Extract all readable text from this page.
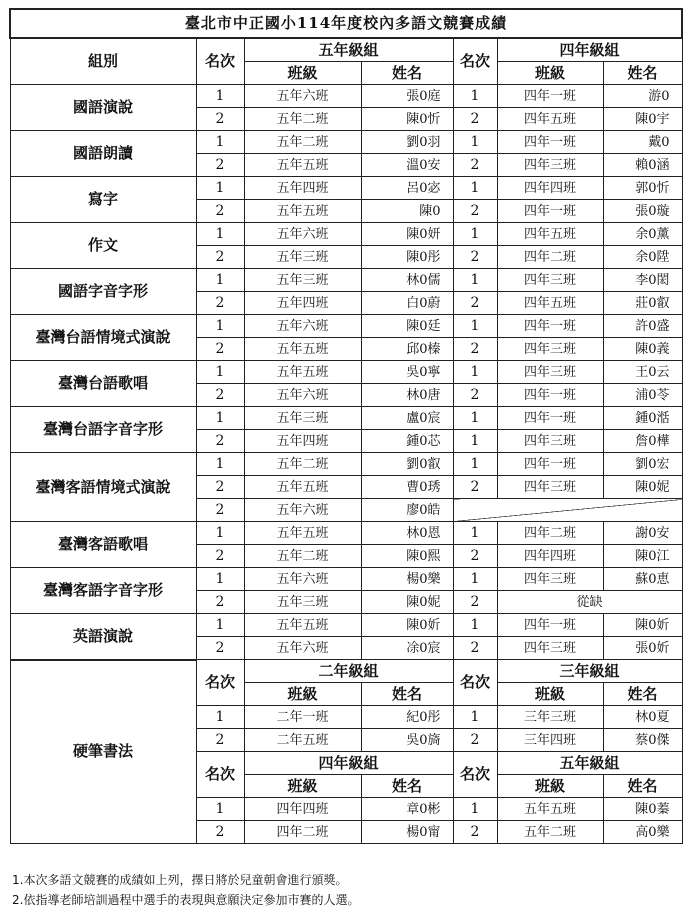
臺北市中正國小114年度校內多語文競賽成績						
組別	名次	五年級組		名次	四年級組	
		班級	姓名		班級	姓名
國語演說	1	五年六班	張0庭	1	四年一班	游0
	2	五年二班	陳0忻	2	四年五班	陳0宇
國語朗讀	1	五年二班	劉0羽	1	四年一班	戴0
	2	五年五班	溫0安	2	四年三班	賴0涵
寫字	1	五年四班	呂0宓	1	四年四班	郭0忻
	2	五年五班	陳0	2	四年一班	張0璇
作文	1	五年六班	陳0妍	1	四年五班	余0薰
	2	五年三班	陳0彤	2	四年二班	余0陞
國語字音字形	1	五年三班	林0儒	1	四年三班	李0閎
	2	五年四班	白0蔚	2	四年五班	莊0叡
臺灣台語情境式演說	1	五年六班	陳0廷	1	四年一班	許0盛
	2	五年五班	邱0榛	2	四年三班	陳0義
臺灣台語歌唱	1	五年五班	吳0寧	1	四年三班	王0云
	2	五年六班	林0唐	2	四年一班	浦0苓
臺灣台語字音字形	1	五年三班	盧0宸	1	四年一班	鍾0湉
	2	五年四班	鍾0芯	1	四年三班	詹0樺
臺灣客語情境式演說	1	五年二班	劉0叡	1	四年一班	劉0宏
	2	五年五班	曹0琇	2	四年三班	陳0妮
	2	五年六班	廖0皓			
臺灣客語歌唱	1	五年五班	林0恩	1	四年二班	謝0安
	2	五年二班	陳0熙	2	四年四班	陳0江
臺灣客語字音字形	1	五年六班	楊0樂	1	四年三班	蘇0恵
	2	五年三班	陳0妮	2	從缺	
英語演說	1	五年五班	陳0妡	1	四年一班	陳0妡
	2	五年六班	凃0宸	2	四年三班	張0妡
硬筆書法	名次	二年級組		名次	三年級組	
		班級	姓名		班級	姓名
	1	二年一班	紀0彤	1	三年三班	林0夏
	2	二年五班	吳0旖	2	三年四班	蔡0傑
	名次	四年級組		名次	五年級組	
		班級	姓名		班級	姓名
	1	四年四班	章0彬	1	五年五班	陳0蓁
	2	四年二班	楊0甯	2	五年二班	高0樂
1.本次多語文競賽的成績如上列，擇日將於兒童朝會進行頒獎。
2.依指導老師培訓過程中選手的表現與意願決定參加市賽的人選。
